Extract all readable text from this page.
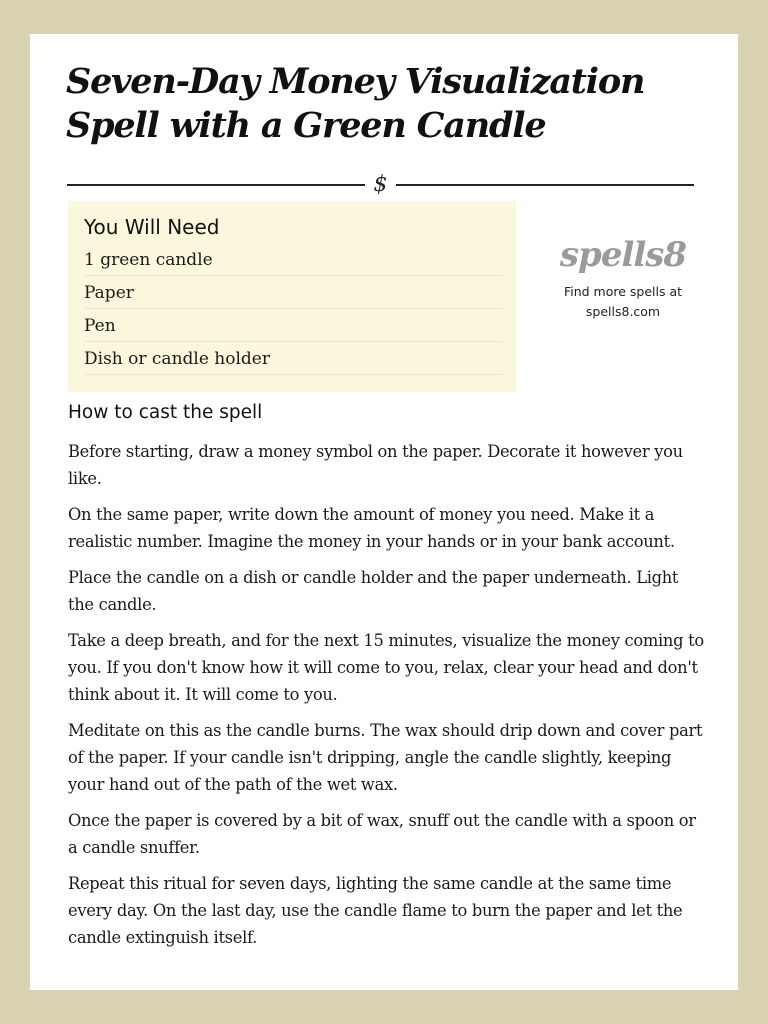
Seven-Day Money Visualization Spell with a Green Candle
$
You Will Need
1 green candle
Paper
Pen
Dish or candle holder
spells8
Find more spells at
spells8.com
How to cast the spell

Before starting, draw a money symbol on the paper. Decorate it however you like.

On the same paper, write down the amount of money you need. Make it a realistic number. Imagine the money in your hands or in your bank account.

Place the candle on a dish or candle holder and the paper underneath. Light the candle.

Take a deep breath, and for the next 15 minutes, visualize the money coming to you. If you don't know how it will come to you, relax, clear your head and don't think about it. It will come to you.

Meditate on this as the candle burns. The wax should drip down and cover part of the paper. If your candle isn't dripping, angle the candle slightly, keeping your hand out of the path of the wet wax.

Once the paper is covered by a bit of wax, snuff out the candle with a spoon or a candle snuffer.

Repeat this ritual for seven days, lighting the same candle at the same time every day. On the last day, use the candle flame to burn the paper and let the candle extinguish itself.
